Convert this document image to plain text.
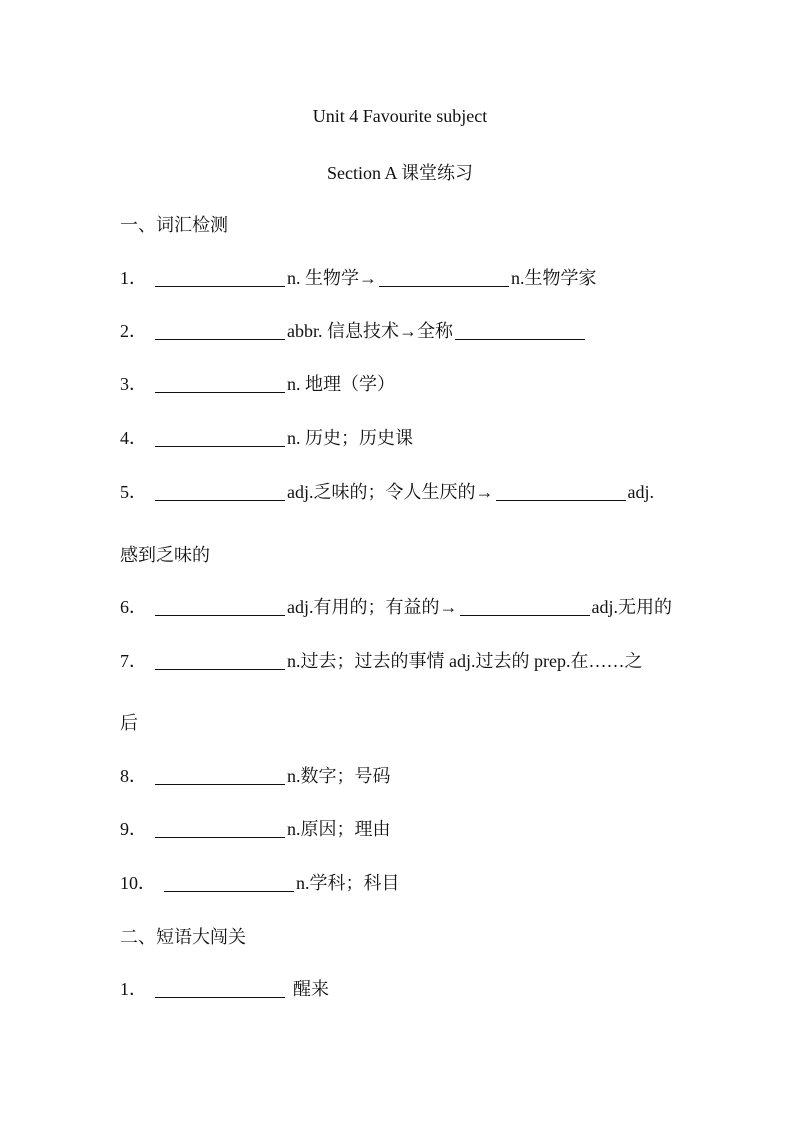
Unit 4 Favourite subject
Section A 课堂练习
一、词汇检测
1．	n. 生物学→	n.生物学家
2．	abbr. 信息技术→全称
3．	n. 地理（学）
4．	n. 历史；历史课
5．	adj.乏味的；令人生厌的→	adj.
感到乏味的
6．	adj.有用的；有益的→	adj.无用的
7．	n.过去；过去的事情 adj.过去的 prep.在……之
后
8．	n.数字；号码
9．	n.原因；理由
10．	n.学科；科目
二、短语大闯关
1．	醒来
